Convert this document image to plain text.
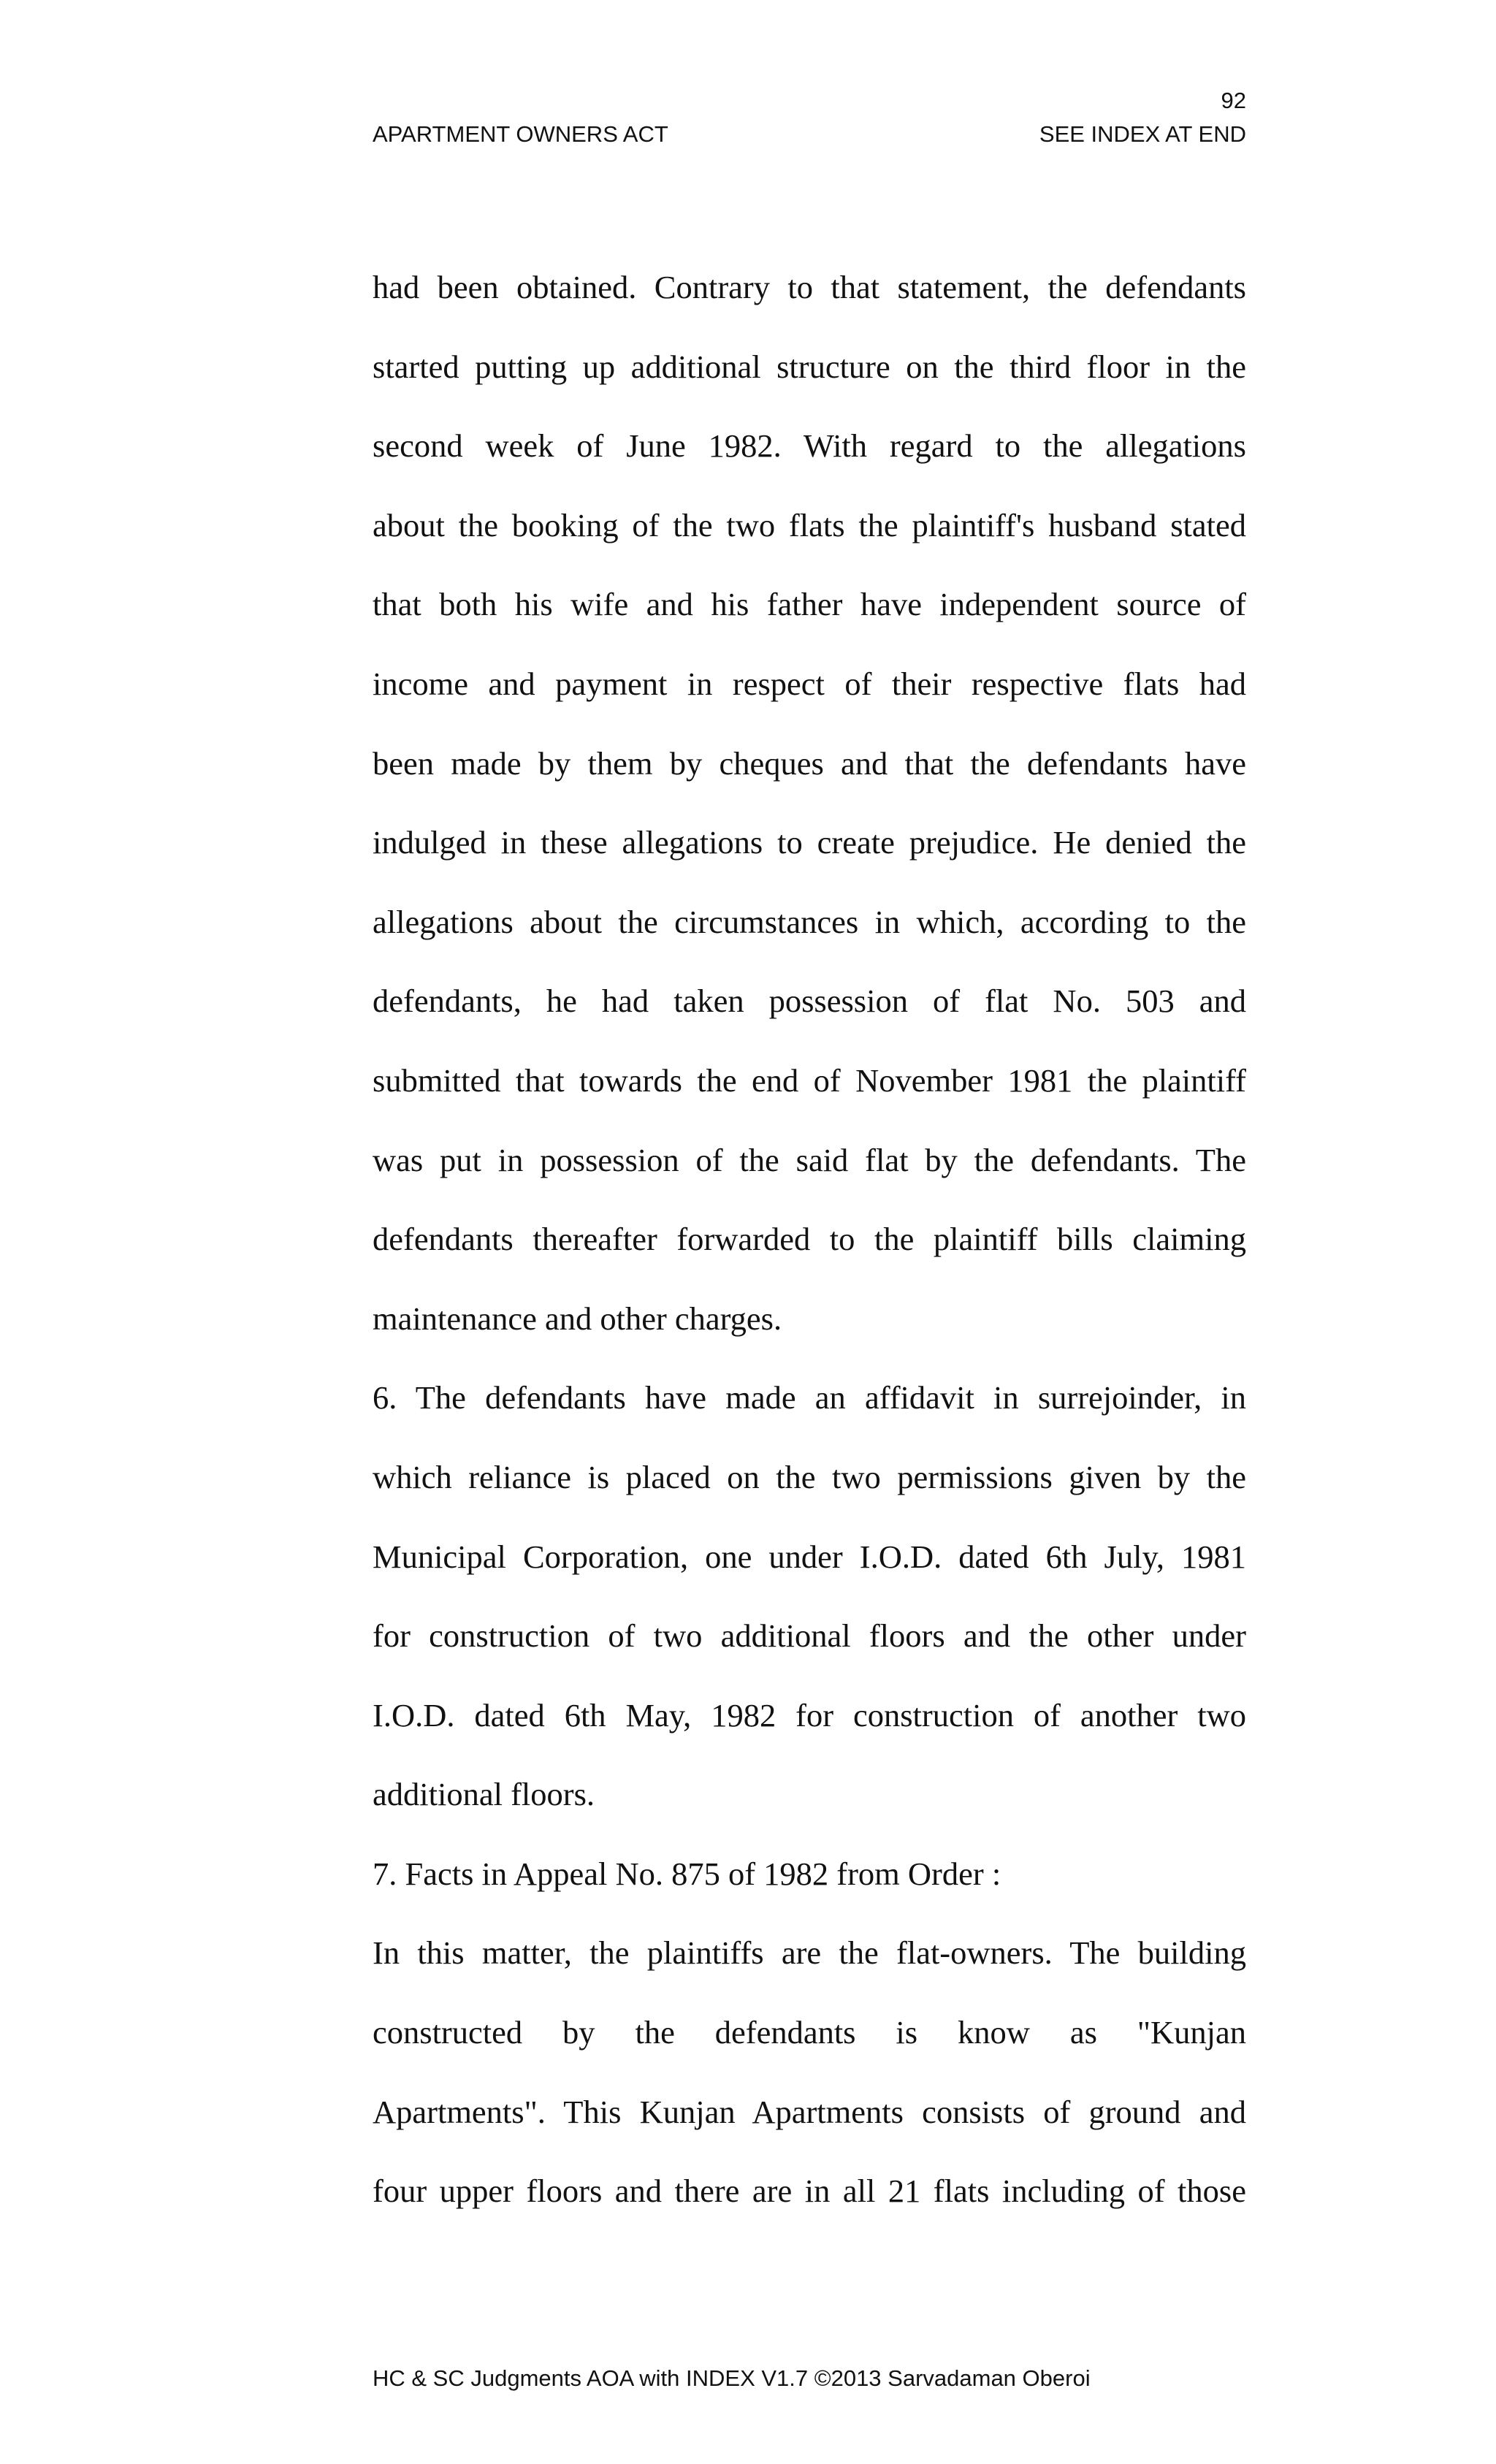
92
APARTMENT OWNERS ACT	SEE INDEX AT END
had been obtained. Contrary to that statement, the defendants
started putting up additional structure on the third floor in the
second week of June 1982. With regard to the allegations
about the booking of the two flats the plaintiff's husband stated
that both his wife and his father have independent source of
income and payment in respect of their respective flats had
been made by them by cheques and that the defendants have
indulged in these allegations to create prejudice. He denied the
allegations about the circumstances in which, according to the
defendants, he had taken possession of flat No. 503 and
submitted that towards the end of November 1981 the plaintiff
was put in possession of the said flat by the defendants. The
defendants thereafter forwarded to the plaintiff bills claiming
maintenance and other charges.
6. The defendants have made an affidavit in surrejoinder, in
which reliance is placed on the two permissions given by the
Municipal Corporation, one under I.O.D. dated 6th July, 1981
for construction of two additional floors and the other under
I.O.D. dated 6th May, 1982 for construction of another two
additional floors.
7. Facts in Appeal No. 875 of 1982 from Order :
In this matter, the plaintiffs are the flat-owners. The building
constructed by the defendants is know as "Kunjan
Apartments". This Kunjan Apartments consists of ground and
four upper floors and there are in all 21 flats including of those
HC & SC Judgments AOA with INDEX V1.7 ©2013 Sarvadaman Oberoi
